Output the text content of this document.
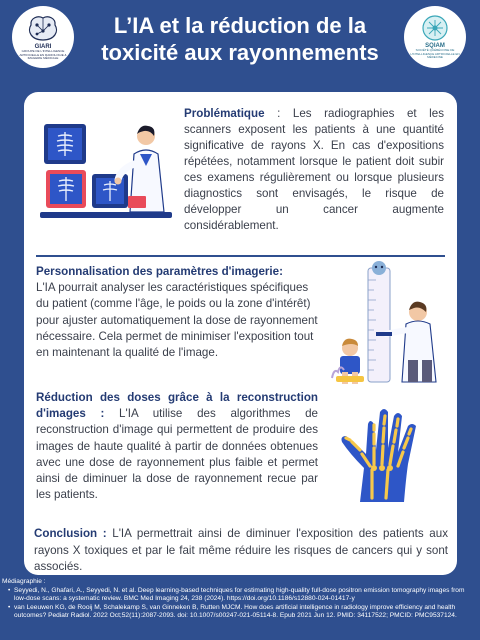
GIARI
GROUPE DE L'INTELLIGENCE ARTIFICIELLE EN RADIOLOGIE & IMAGERIE MÉDICALE
L’IA et la réduction de la toxicité aux rayonnements	SQIAM
SOCIÉTÉ QUÉBÉCOISE DE L'INTELLIGENCE ARTIFICIELLE EN MÉDECINE
Problématique : Les radiographies et les scanners exposent les patients à une quantité significative de rayons X. En cas d'expositions répétées, notamment lorsque le patient doit subir ces examens régulièrement ou lorsque plusieurs diagnostics sont envisagés, le risque de développer un cancer augmente considérablement.
Personnalisation des paramètres d'imagerie:
L'IA pourrait analyser les caractéristiques spécifiques du patient (comme l'âge, le poids ou la zone d'intérêt) pour ajuster automatiquement la dose de rayonnement nécessaire. Cela permet de minimiser l'exposition tout en maintenant la qualité de l'image.
Réduction des doses grâce à la reconstruction d'images : L'IA utilise des algorithmes de reconstruction d'image qui permettent de produire des images de haute qualité à partir de données obtenues avec une dose de rayonnement plus faible et permet ainsi de diminuer la dose de rayonnement recue par les patients.
Conclusion : L'IA permettrait ainsi de diminuer l'exposition des patients aux rayons X toxiques et par le fait même réduire les risques de cancers qui y sont associés.
Médiagraphie :
• Seyyedi, N., Ghafari, A., Seyyedi, N. et al. Deep learning-based techniques for estimating high-quality full-dose positron emission tomography images from low-dose scans: a systematic review. BMC Med Imaging 24, 238 (2024). https://doi.org/10.1186/s12880-024-01417-y
• van Leeuwen KG, de Rooij M, Schalekamp S, van Ginneken B, Rutten MJCM. How does artificial intelligence in radiology improve efficiency and health outcomes? Pediatr Radiol. 2022 Oct;52(11):2087-2093. doi: 10.1007/s00247-021-05114-8. Epub 2021 Jun 12. PMID: 34117522; PMCID: PMC9537124.
